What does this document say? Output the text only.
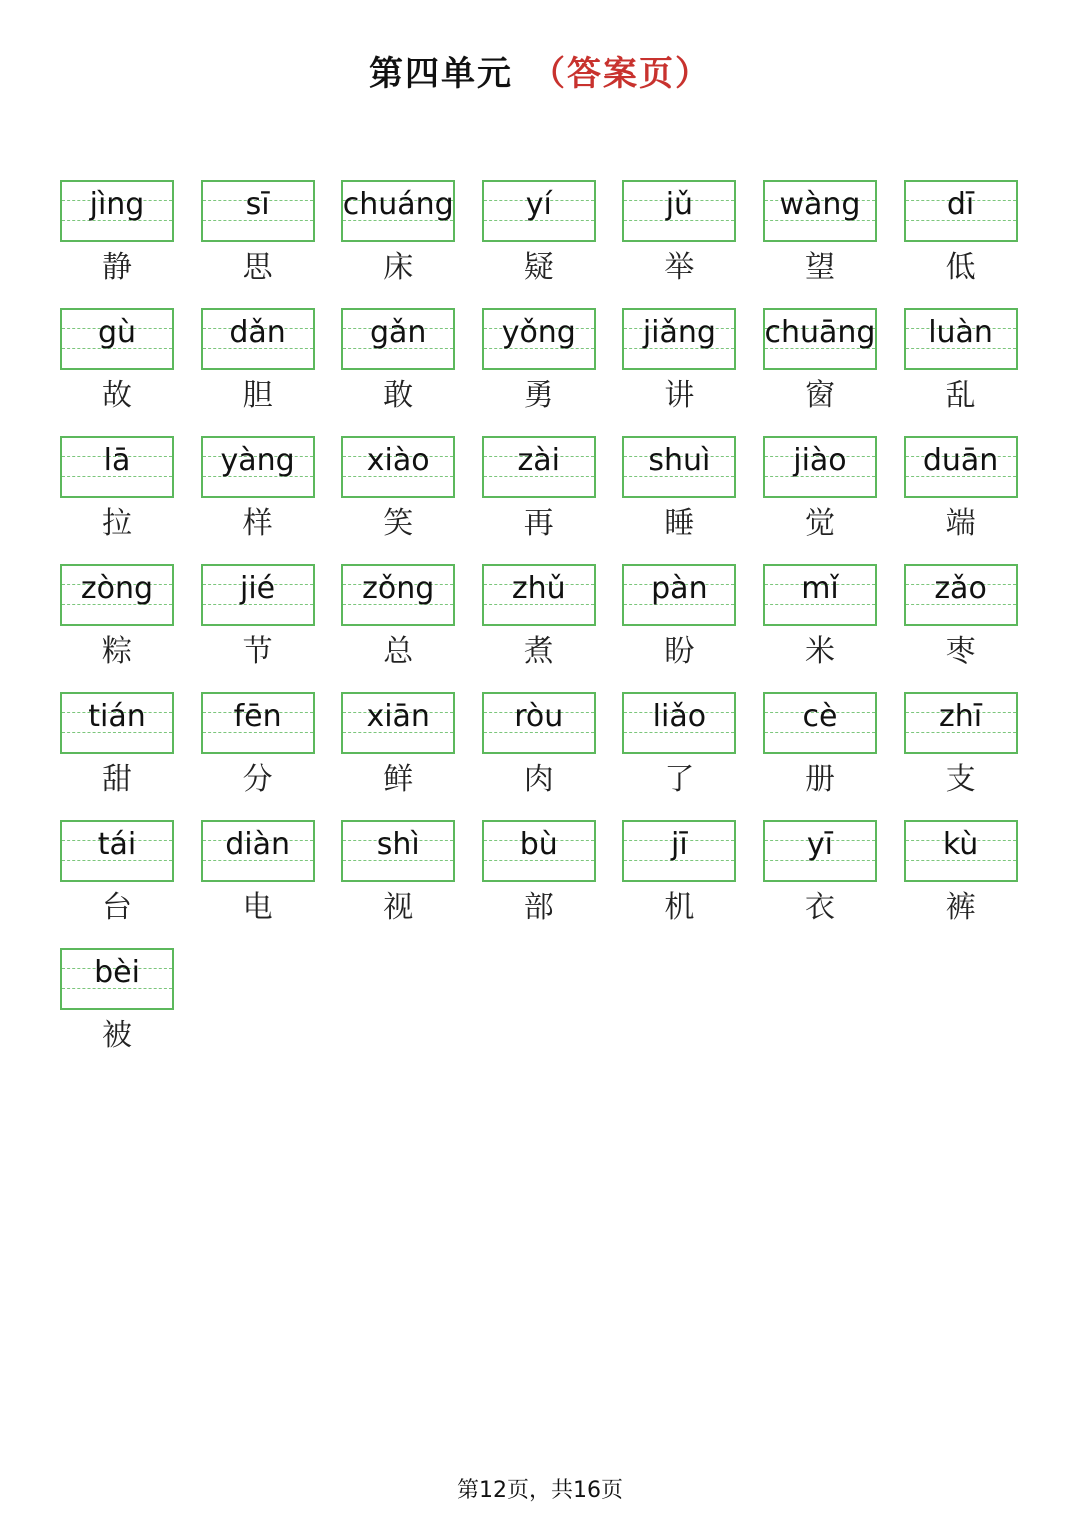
第四单元 （答案页）
jìng
静
sī
思
chuáng
床
yí
疑
jǔ
举
wàng
望
dī
低
gù
故
dǎn
胆
gǎn
敢
yǒng
勇
jiǎng
讲
chuāng
窗
luàn
乱
lā
拉
yàng
样
xiào
笑
zài
再
shuì
睡
jiào
觉
duān
端
zòng
粽
jié
节
zǒng
总
zhǔ
煮
pàn
盼
mǐ
米
zǎo
枣
tián
甜
fēn
分
xiān
鲜
ròu
肉
liǎo
了
cè
册
zhī
支
tái
台
diàn
电
shì
视
bù
部
jī
机
yī
衣
kù
裤
bèi
被
第12页，共16页
